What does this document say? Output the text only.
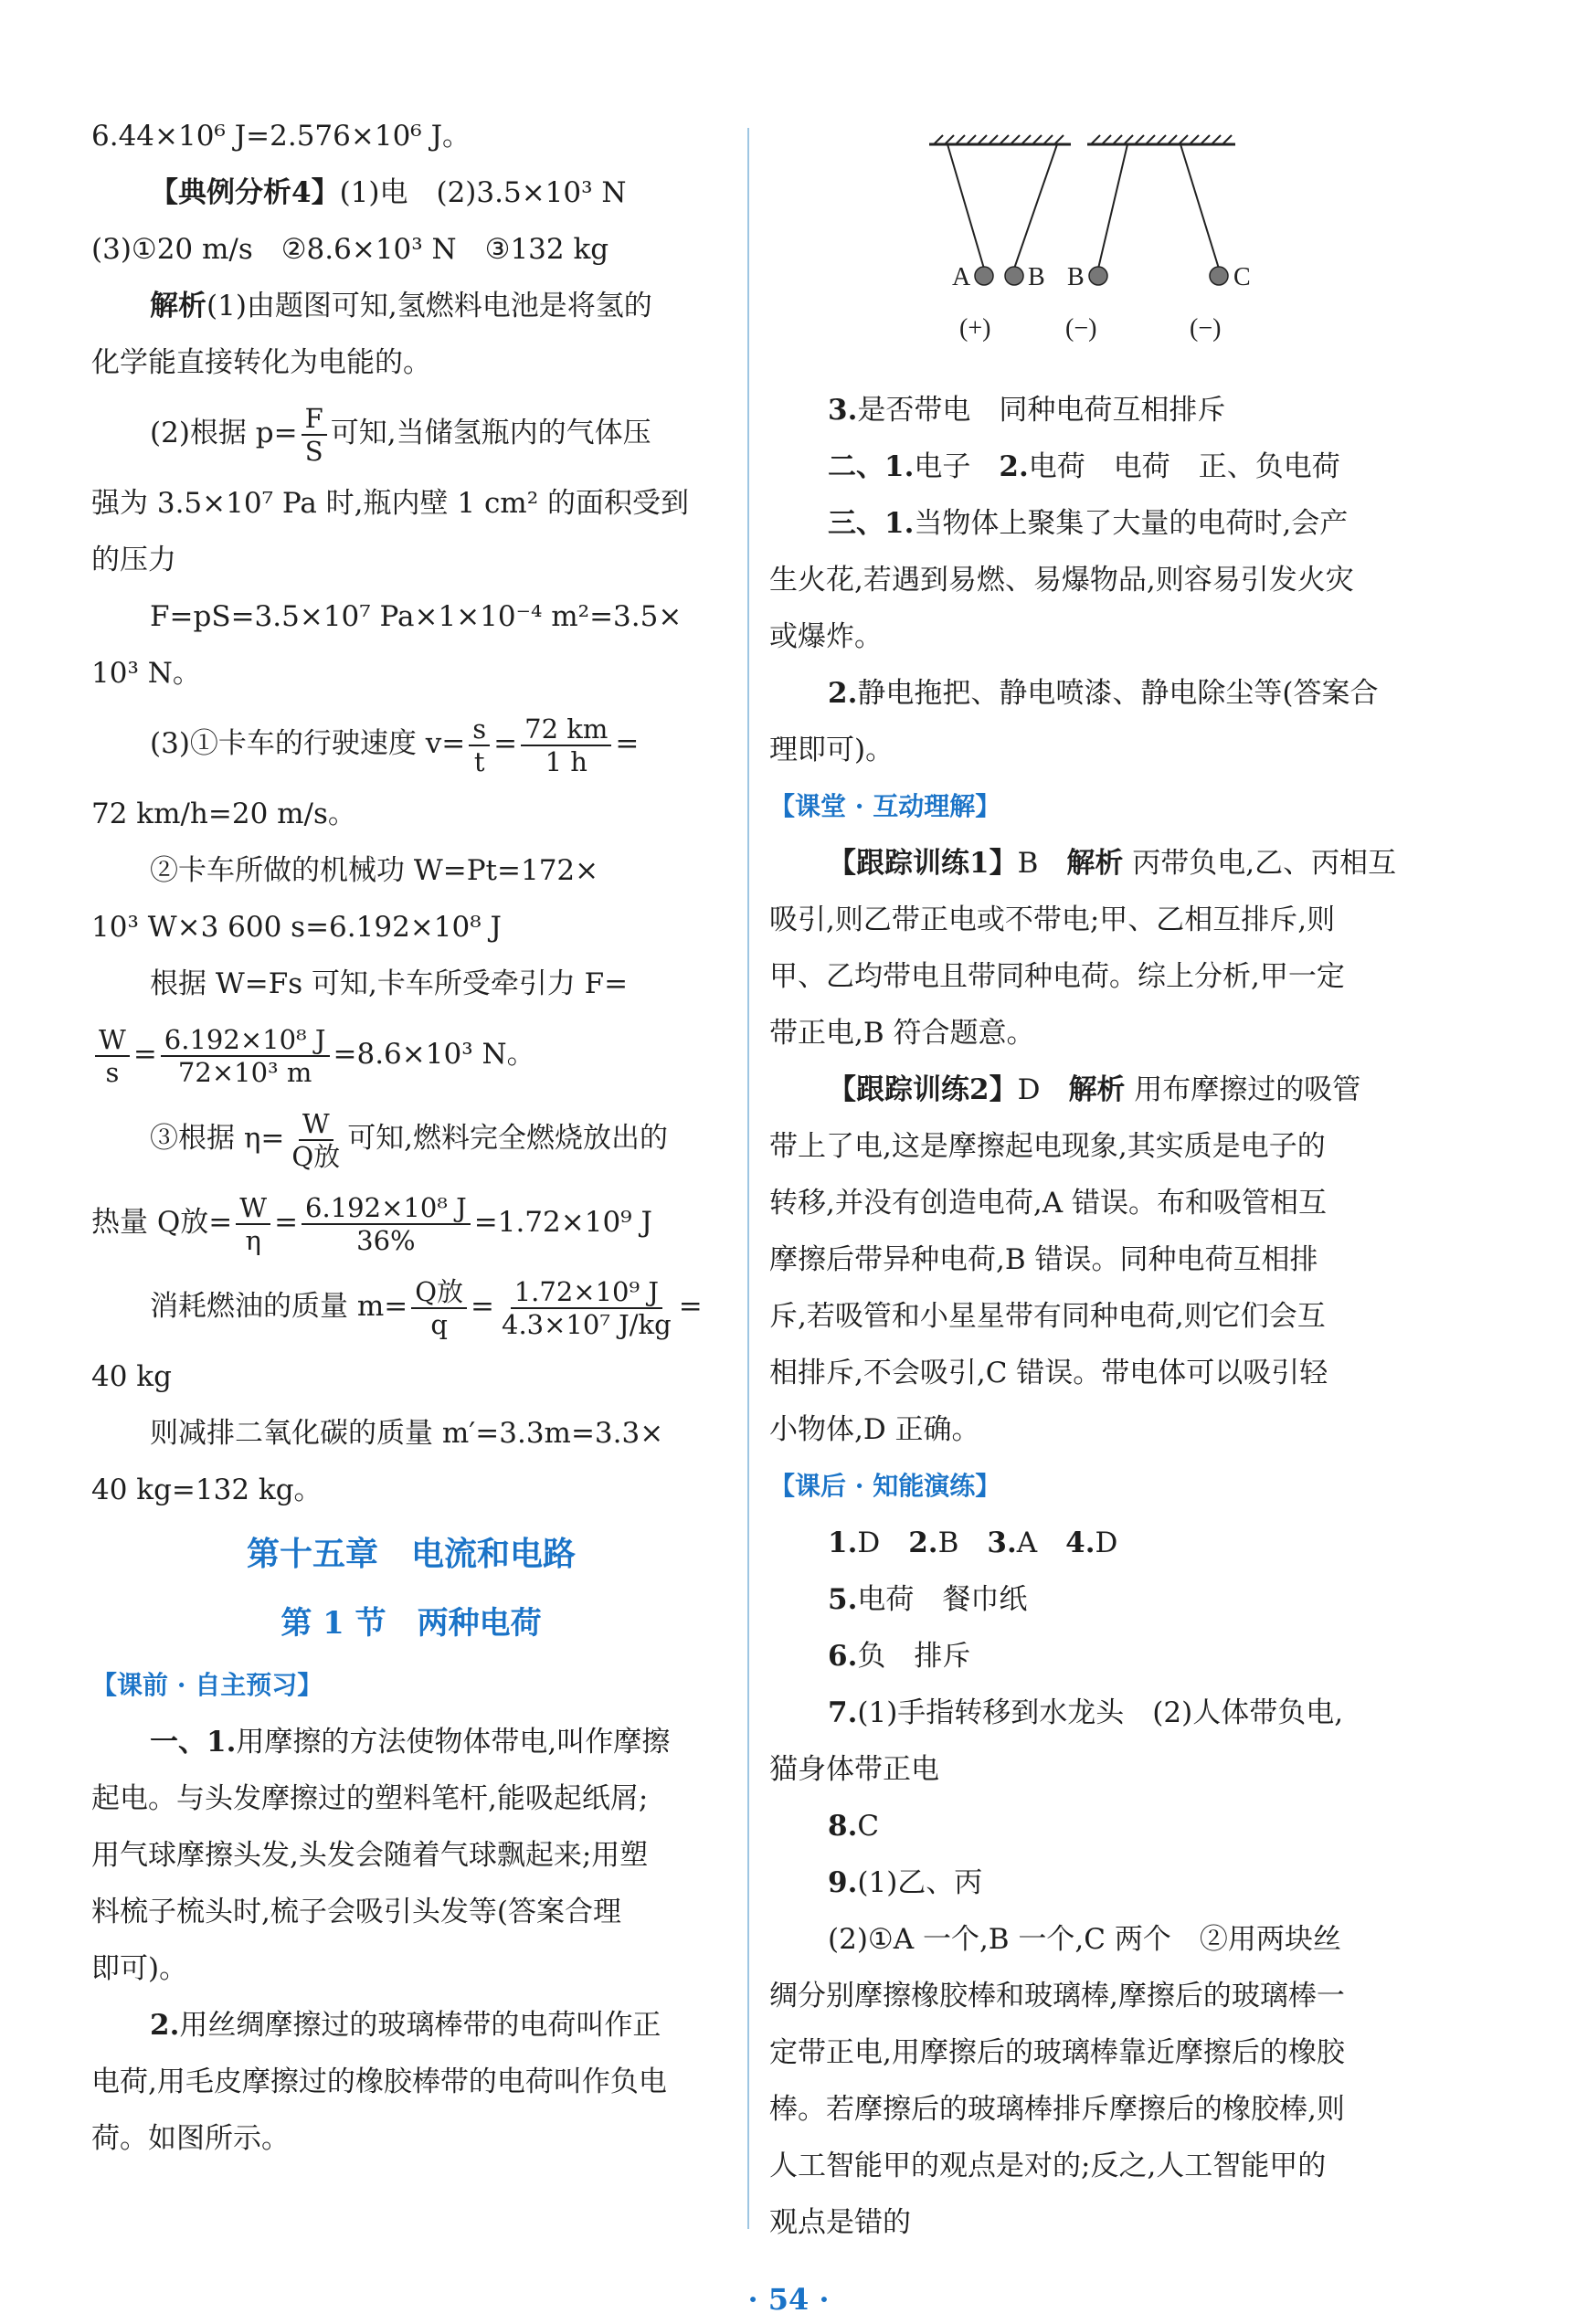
6.44×10⁶ J=2.576×10⁶ J。

【典例分析4】(1)电　(2)3.5×10³ N

(3)①20 m/s　②8.6×10³ N　③132 kg

解析(1)由题图可知,氢燃料电池是将氢的

化学能直接转化为电能的。

(2)根据 $p= \frac{F}{S}$ 可知,当储氢瓶内的气体压

强为 3.5×10⁷ Pa 时,瓶内壁 1 cm² 的面积受到

的压力

F=pS=3.5×10⁷ Pa×1×10⁻⁴ m²=3.5×

10³ N。

(3)①卡车的行驶速度 $v= \frac{s}{t} = \frac{72 km}{1 h}$ =

72 km/h=20 m/s。

②卡车所做的机械功 W=Pt=172×

10³ W×3 600 s=6.192×10⁸ J

根据 W=Fs 可知,卡车所受牵引力 F=

$\frac{W}{s} = \frac{\text{6.192×10⁸ J}}{\text{72×10³ m}} =8.6\times 10^3$ N。

③根据 $\eta= \frac{W}{\text{Q放}}$ 可知,燃料完全燃烧放出的

热量 Q放= $\frac{W}{\eta} = \frac{\text{6.192×10⁸ J}}{36\%} =1.72\times 10^9$ J

消耗燃油的质量 $m= \frac{\text{Q放}}{q} = \frac{\text{1.72×10⁹ J}}{\text{4.3×10⁷ J/kg}}$ =

40 kg

则减排二氧化碳的质量 m′=3.3m=3.3×

40 kg=132 kg。

第十五章　电流和电路

第 1 节　两种电荷

【课前 · 自主预习】

一、1.用摩擦的方法使物体带电,叫作摩擦

起电。与头发摩擦过的塑料笔杆,能吸起纸屑;

用气球摩擦头发,头发会随着气球飘起来;用塑

料梳子梳头时,梳子会吸引头发等(答案合理

即可)。

2.用丝绸摩擦过的玻璃棒带的电荷叫作正

电荷,用毛皮摩擦过的橡胶棒带的电荷叫作负电

荷。如图所示。

A B B	C
(+)	(−)	(−)

3.是否带电　同种电荷互相排斥

二、1.电子　 2.电荷　电荷　正、负电荷

三、1.当物体上聚集了大量的电荷时,会产

生火花,若遇到易燃、易爆物品,则容易引发火灾

或爆炸。

2.静电拖把、静电喷漆、静电除尘等(答案合

理即可)。

【课堂 · 互动理解】

【跟踪训练1】B　解析 丙带负电,乙、丙相互

吸引,则乙带正电或不带电;甲、乙相互排斥,则

甲、乙均带电且带同种电荷。综上分析,甲一定

带正电,B 符合题意。

【跟踪训练2】D　解析 用布摩擦过的吸管

带上了电,这是摩擦起电现象,其实质是电子的

转移,并没有创造电荷,A 错误。布和吸管相互

摩擦后带异种电荷,B 错误。同种电荷互相排

斥,若吸管和小星星带有同种电荷,则它们会互

相排斥,不会吸引,C 错误。带电体可以吸引轻

小物体,D 正确。

【课后 · 知能演练】

1.D　2.B　3.A　4.D

5.电荷　餐巾纸

6.负　排斥

7.(1)手指转移到水龙头　(2)人体带负电,

猫身体带正电

8.C

9.(1)乙、丙

(2)①A 一个,B 一个,C 两个　②用两块丝

绸分别摩擦橡胶棒和玻璃棒,摩擦后的玻璃棒一

定带正电,用摩擦后的玻璃棒靠近摩擦后的橡胶

棒。若摩擦后的玻璃棒排斥摩擦后的橡胶棒,则

人工智能甲的观点是对的;反之,人工智能甲的

观点是错的

· 54 ·
